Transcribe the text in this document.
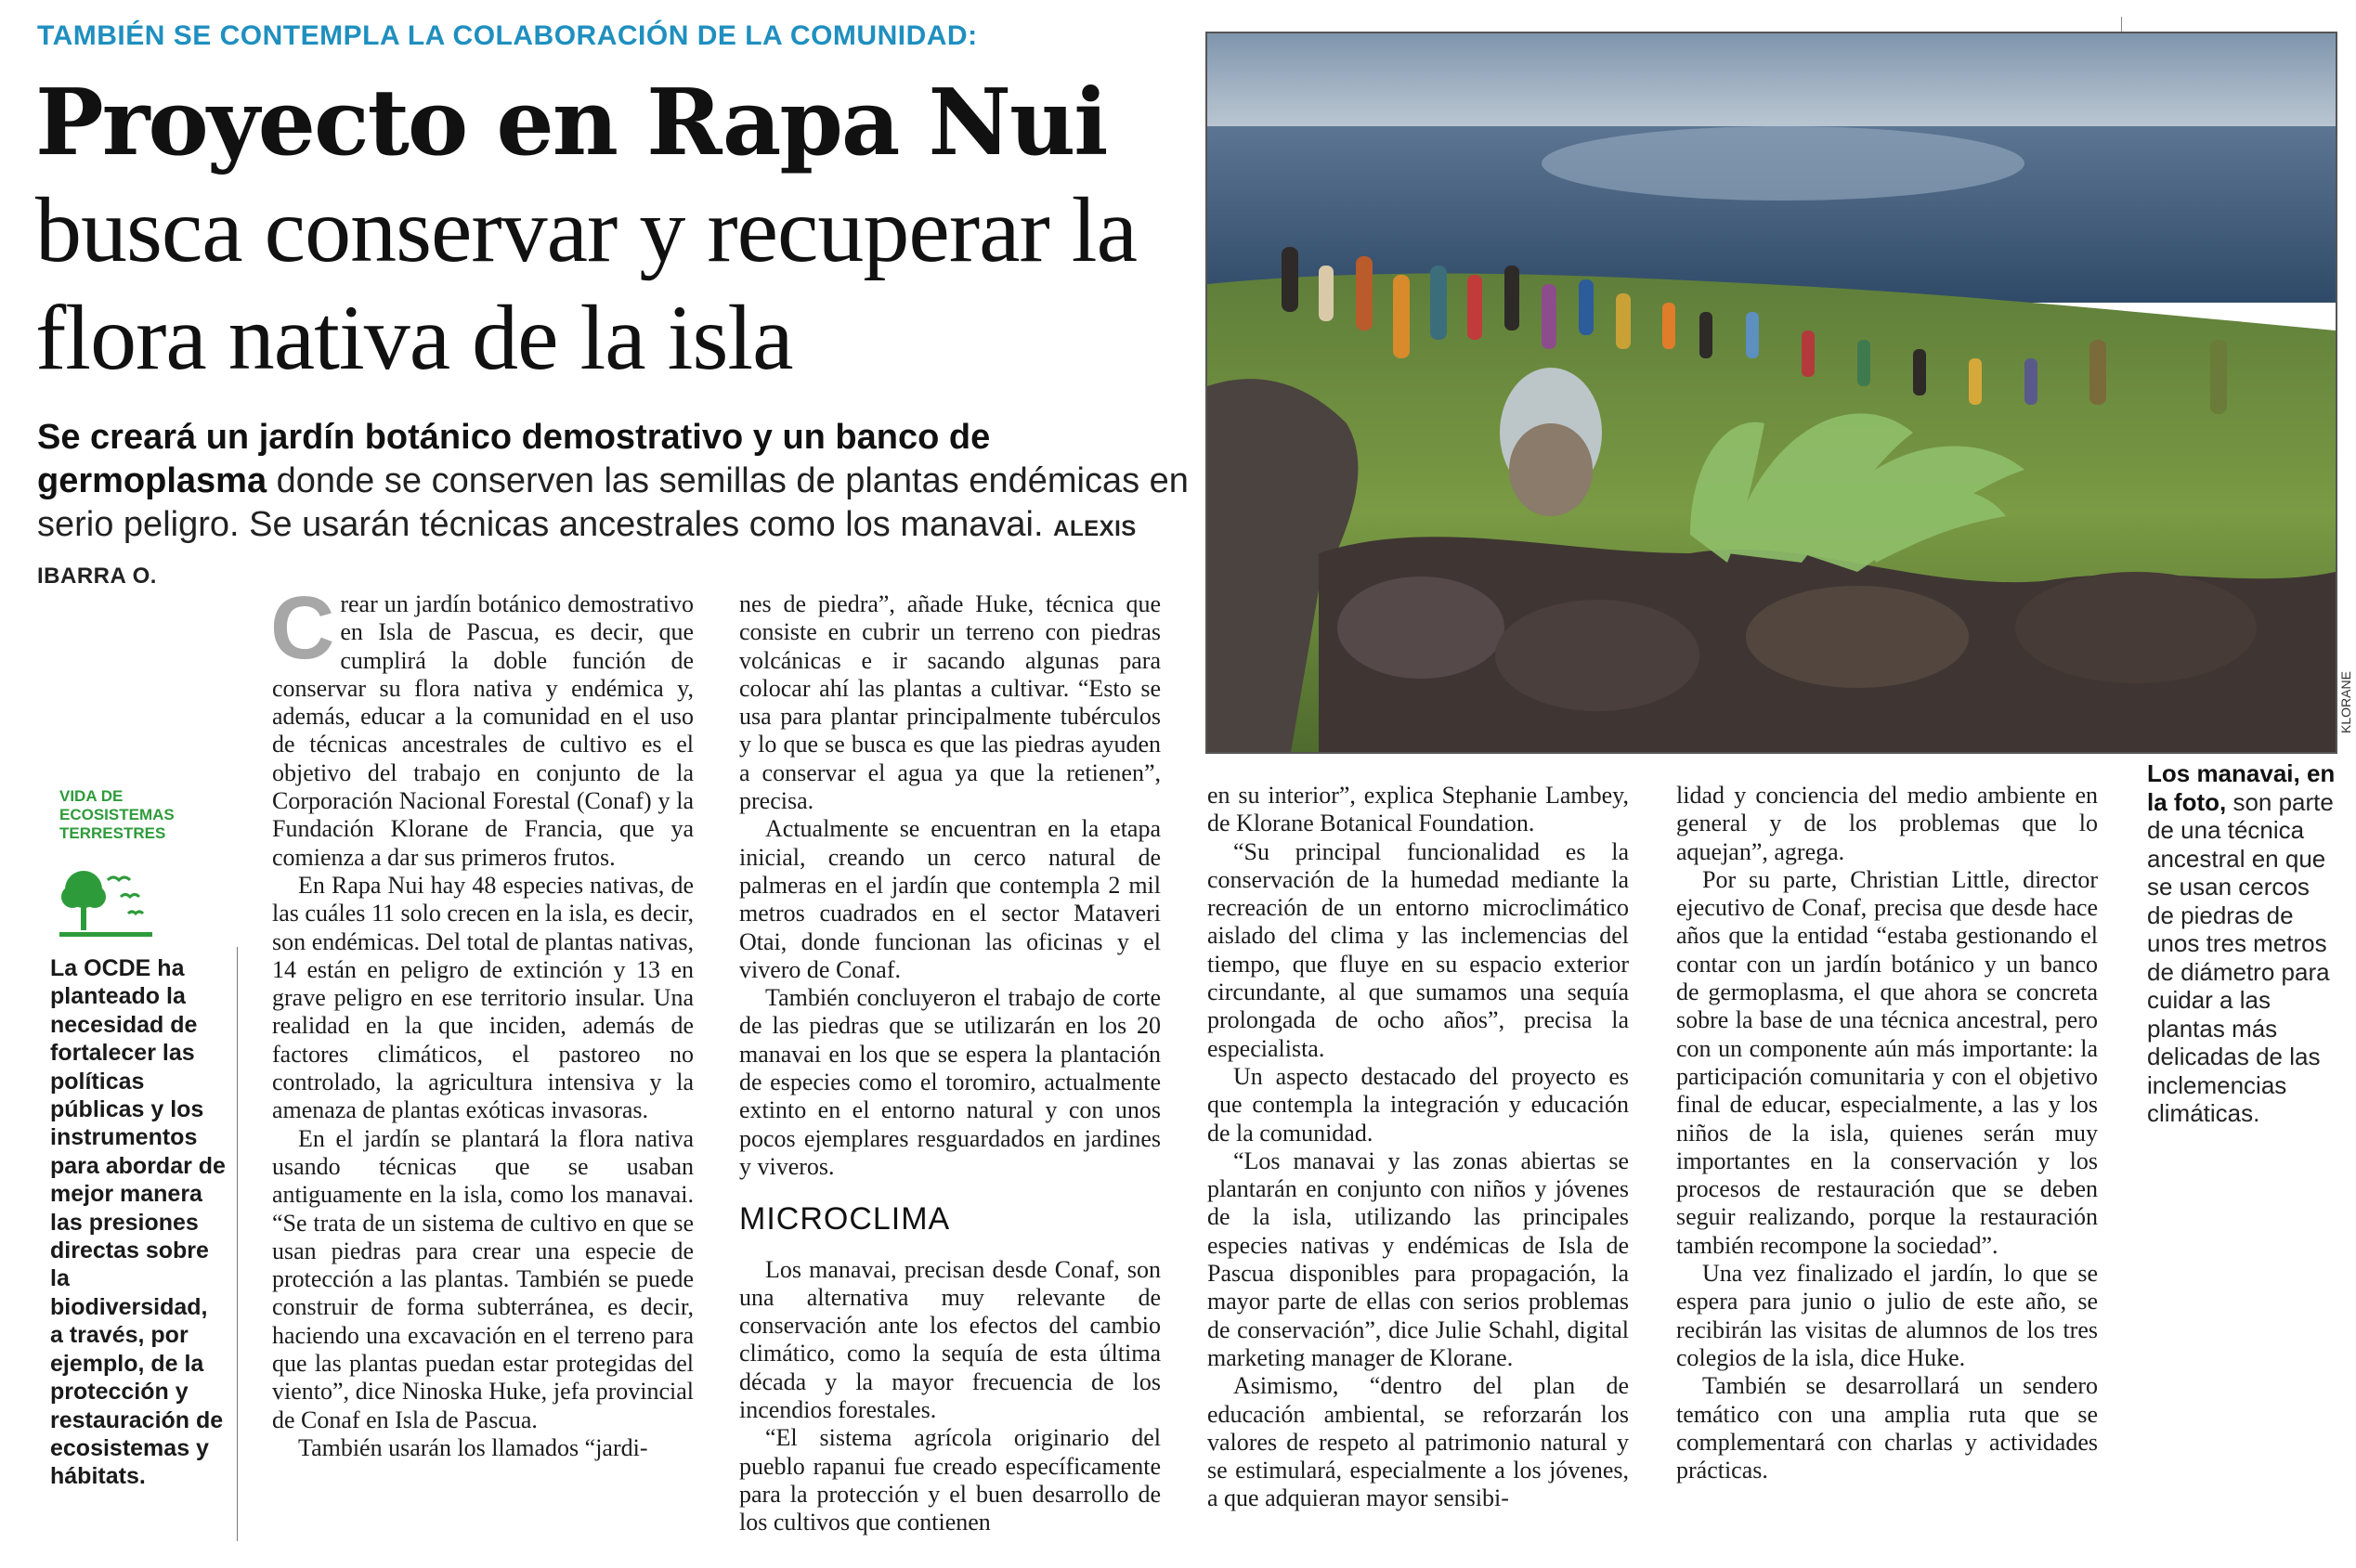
TAMBIÉN SE CONTEMPLA LA COLABORACIÓN DE LA COMUNIDAD:
Proyecto en Rapa Nui
busca conservar y recuperar la flora nativa de la isla
Se creará un jardín botánico demostrativo y un banco de germoplasma donde se conserven las semillas de plantas endémicas en serio peligro. Se usarán técnicas ancestrales como los manavai. ALEXIS IBARRA O.
KLORANE
Los manavai, en la foto, son parte de una técnica ancestral en que se usan cercos de piedras de unos tres metros de diámetro para cuidar a las plantas más delicadas de las inclemencias climáticas.
VIDA DE ECOSISTEMAS TERRESTRES
La OCDE ha planteado la necesidad de fortalecer las políticas públicas y los instrumentos para abordar de mejor manera las presiones directas sobre la biodiversidad, a través, por ejemplo, de la protección y restauración de ecosistemas y hábitats.

Crear un jardín botánico demostrativo en Isla de Pascua, es decir, que cumplirá la doble función de conservar su flora nativa y endémica y, además, educar a la comunidad en el uso de técnicas ancestrales de cultivo es el objetivo del trabajo en conjunto de la Corporación Nacional Forestal (Conaf) y la Fundación Klorane de Francia, que ya comienza a dar sus primeros frutos.

En Rapa Nui hay 48 especies nativas, de las cuáles 11 solo crecen en la isla, es decir, son endémicas. Del total de plantas nativas, 14 están en peligro de extinción y 13 en grave peligro en ese territorio insular. Una realidad en la que inciden, además de factores climáticos, el pastoreo no controlado, la agricultura intensiva y la amenaza de plantas exóticas invasoras.

En el jardín se plantará la flora nativa usando técnicas que se usaban antiguamente en la isla, como los manavai. “Se trata de un sistema de cultivo en que se usan piedras para crear una especie de protección a las plantas. También se puede construir de forma subterránea, es decir, haciendo una excavación en el terreno para que las plantas puedan estar protegidas del viento”, dice Ninoska Huke, jefa provincial de Conaf en Isla de Pascua.

También usarán los llamados “jardi-

nes de piedra”, añade Huke, técnica que consiste en cubrir un terreno con piedras volcánicas e ir sacando algunas para colocar ahí las plantas a cultivar. “Esto se usa para plantar principalmente tubérculos y lo que se busca es que las piedras ayuden a conservar el agua ya que la retienen”, precisa.

Actualmente se encuentran en la etapa inicial, creando un cerco natural de palmeras en el jardín que contempla 2 mil metros cuadrados en el sector Mataveri Otai, donde funcionan las oficinas y el vivero de Conaf.

También concluyeron el trabajo de corte de las piedras que se utilizarán en los 20 manavai en los que se espera la plantación de especies como el toromiro, actualmente extinto en el entorno natural y con unos pocos ejemplares resguardados en jardines y viveros.

MICROCLIMA

Los manavai, precisan desde Conaf, son una alternativa muy relevante de conservación ante los efectos del cambio climático, como la sequía de esta última década y la mayor frecuencia de los incendios forestales.

“El sistema agrícola originario del pueblo rapanui fue creado específicamente para la protección y el buen desarrollo de los cultivos que contienen

en su interior”, explica Stephanie Lambey, de Klorane Botanical Foundation.

“Su principal funcionalidad es la conservación de la humedad mediante la recreación de un entorno microclimático aislado del clima y las inclemencias del tiempo, que fluye en su espacio exterior circundante, al que sumamos una sequía prolongada de ocho años”, precisa la especialista.

Un aspecto destacado del proyecto es que contempla la integración y educación de la comunidad.

“Los manavai y las zonas abiertas se plantarán en conjunto con niños y jóvenes de la isla, utilizando las principales especies nativas y endémicas de Isla de Pascua disponibles para propagación, la mayor parte de ellas con serios problemas de conservación”, dice Julie Schahl, digital marketing manager de Klorane.

Asimismo, “dentro del plan de educación ambiental, se reforzarán los valores de respeto al patrimonio natural y se estimulará, especialmente a los jóvenes, a que adquieran mayor sensibi-

lidad y conciencia del medio ambiente en general y de los problemas que lo aquejan”, agrega.

Por su parte, Christian Little, director ejecutivo de Conaf, precisa que desde hace años que la entidad “estaba gestionando el contar con un jardín botánico y un banco de germoplasma, el que ahora se concreta sobre la base de una técnica ancestral, pero con un componente aún más importante: la participación comunitaria y con el objetivo final de educar, especialmente, a las y los niños de la isla, quienes serán muy importantes en la conservación y los procesos de restauración que se deben seguir realizando, porque la restauración también recompone la sociedad”.

Una vez finalizado el jardín, lo que se espera para junio o julio de este año, se recibirán las visitas de alumnos de los tres colegios de la isla, dice Huke.

También se desarrollará un sendero temático con una amplia ruta que se complementará con charlas y actividades prácticas.
